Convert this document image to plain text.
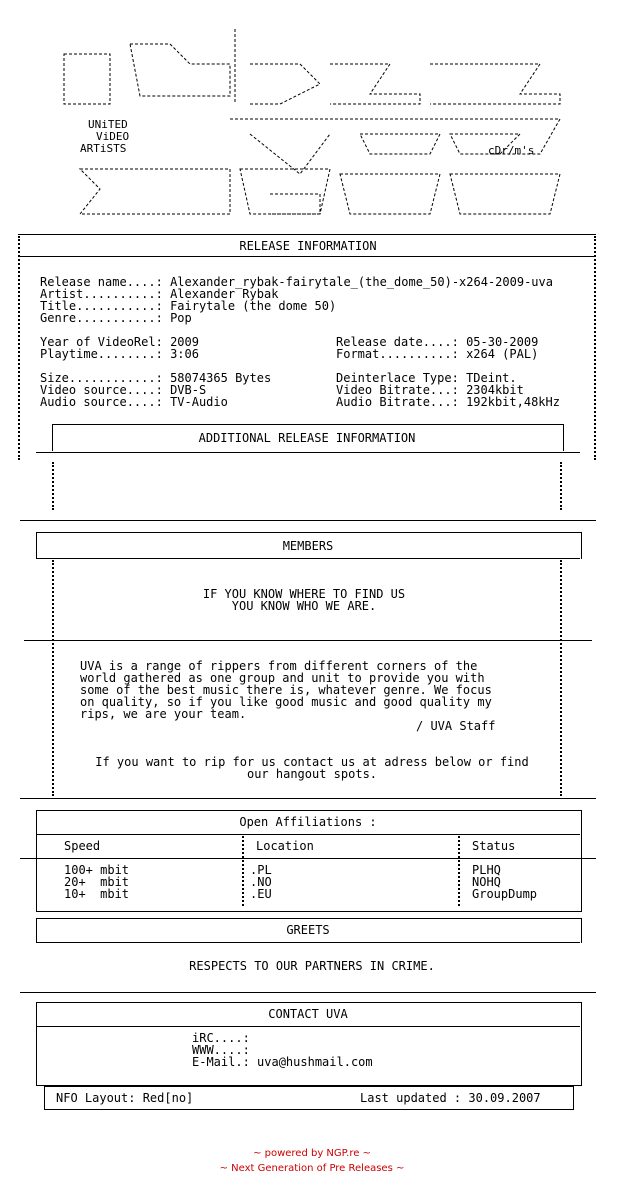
UNiTED
ViDEO
ARTiSTS	cDr/m's
RELEASE INFORMATION
Release name....: Alexander_rybak-fairytale_(the_dome_50)-x264-2009-uva
Artist..........: Alexander Rybak
Title...........: Fairytale (the dome 50)
Genre...........: Pop
Year of VideoRel: 2009
Playtime........: 3:06
Release date....: 05-30-2009
Format..........: x264 (PAL)
Size............: 58074365 Bytes
Video source....: DVB-S
Audio source....: TV-Audio
Deinterlace Type: TDeint.
Video Bitrate...: 2304kbit
Audio Bitrate...: 192kbit,48kHz
ADDITIONAL RELEASE INFORMATION
MEMBERS
IF YOU KNOW WHERE TO FIND US
YOU KNOW WHO WE ARE.
UVA is a range of rippers from different corners of the
world gathered as one group and unit to provide you with
some of the best music there is, whatever genre. We focus
on quality, so if you like good music and good quality my
rips, we are your team.
/ UVA Staff
If you want to rip for us contact us at adress below or find
our hangout spots.
Open Affiliations :
Speed	Location	Status
100+ mbit	.PL	PLHQ
20+  mbit	.NO	NOHQ
10+  mbit	.EU	GroupDump
GREETS
RESPECTS TO OUR PARTNERS IN CRIME.
CONTACT UVA
iRC....:
WWW....:
E-Mail.: uva@hushmail.com
NFO Layout: Red[no]	Last updated : 30.09.2007
~ powered by NGP.re ~
~ Next Generation of Pre Releases ~
